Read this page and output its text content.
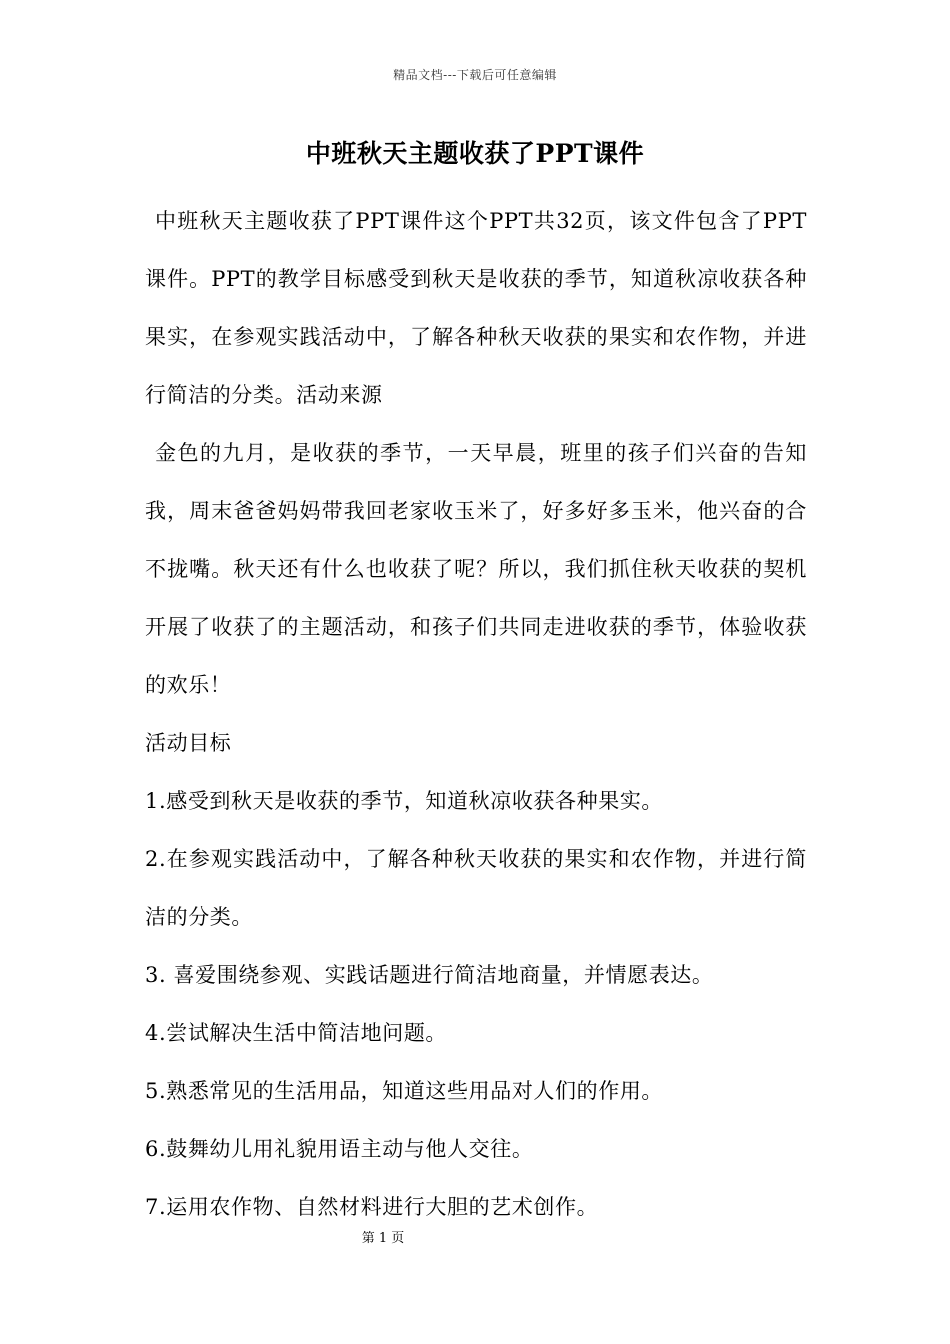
精品文档---下载后可任意编辑
中班秋天主题收获了PPT课件

中班秋天主题收获了PPT课件这个PPT共32页，该文件包含了PPT课件。PPT的教学目标感受到秋天是收获的季节，知道秋凉收获各种果实，在参观实践活动中，了解各种秋天收获的果实和农作物，并进行简洁的分类。活动来源

金色的九月，是收获的季节，一天早晨，班里的孩子们兴奋的告知我，周末爸爸妈妈带我回老家收玉米了，好多好多玉米，他兴奋的合不拢嘴。秋天还有什么也收获了呢？所以，我们抓住秋天收获的契机开展了收获了的主题活动，和孩子们共同走进收获的季节，体验收获的欢乐！

活动目标

1.感受到秋天是收获的季节，知道秋凉收获各种果实。

2.在参观实践活动中，了解各种秋天收获的果实和农作物，并进行简洁的分类。

3. 喜爱围绕参观、实践话题进行简洁地商量，并情愿表达。

4.尝试解决生活中简洁地问题。

5.熟悉常见的生活用品，知道这些用品对人们的作用。

6.鼓舞幼儿用礼貌用语主动与他人交往。

7.运用农作物、自然材料进行大胆的艺术创作。

第 1 页
